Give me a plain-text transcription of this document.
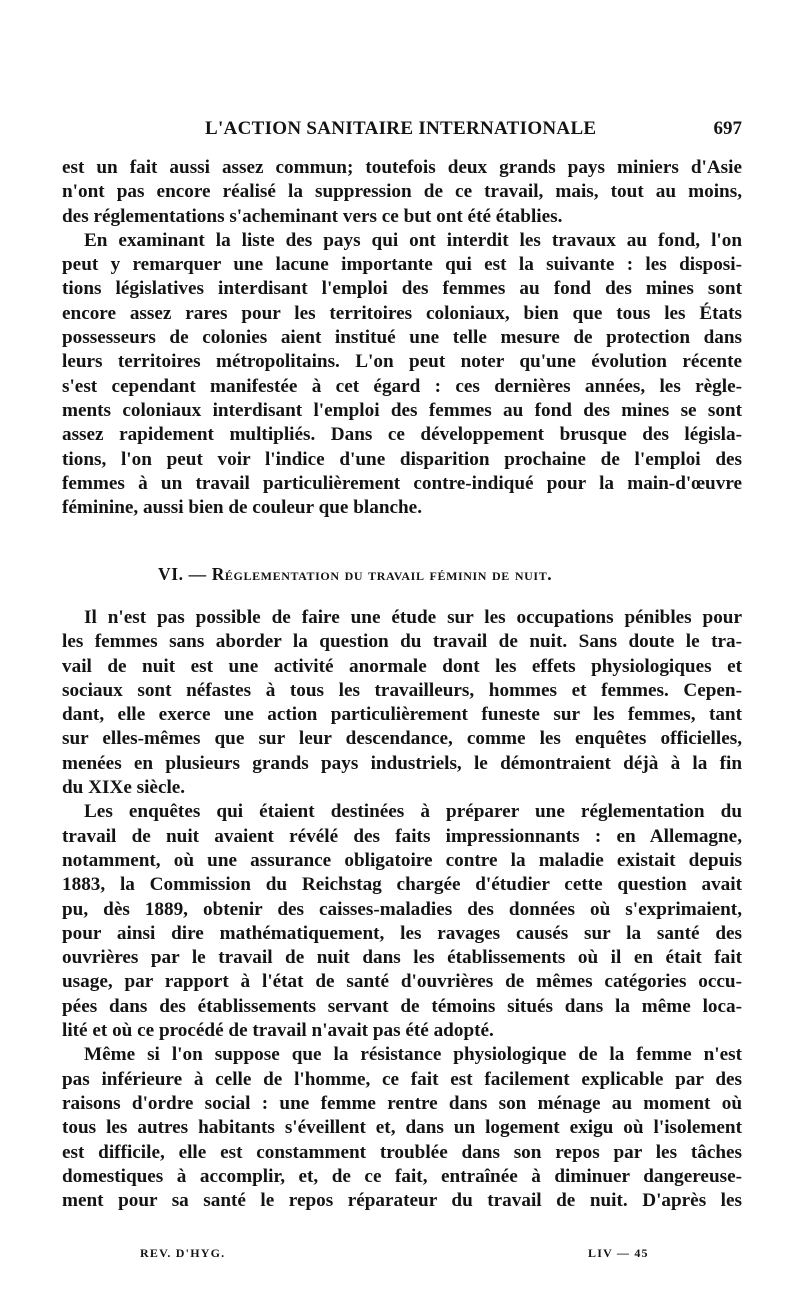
L'ACTION SANITAIRE INTERNATIONALE	697

est un fait aussi assez commun; toutefois deux grands pays miniers d'Asie

n'ont pas encore réalisé la suppression de ce travail, mais, tout au moins,

des réglementations s'acheminant vers ce but ont été établies.

En examinant la liste des pays qui ont interdit les travaux au fond, l'on

peut y remarquer une lacune importante qui est la suivante : les disposi-

tions législatives interdisant l'emploi des femmes au fond des mines sont

encore assez rares pour les territoires coloniaux, bien que tous les États

possesseurs de colonies aient institué une telle mesure de protection dans

leurs territoires métropolitains. L'on peut noter qu'une évolution récente

s'est cependant manifestée à cet égard : ces dernières années, les règle-

ments coloniaux interdisant l'emploi des femmes au fond des mines se sont

assez rapidement multipliés. Dans ce développement brusque des législa-

tions, l'on peut voir l'indice d'une disparition prochaine de l'emploi des

femmes à un travail particulièrement contre-indiqué pour la main-d'œuvre

féminine, aussi bien de couleur que blanche.

VI. — Réglementation du travail féminin de nuit.

Il n'est pas possible de faire une étude sur les occupations pénibles pour

les femmes sans aborder la question du travail de nuit. Sans doute le tra-

vail de nuit est une activité anormale dont les effets physiologiques et

sociaux sont néfastes à tous les travailleurs, hommes et femmes. Cepen-

dant, elle exerce une action particulièrement funeste sur les femmes, tant

sur elles-mêmes que sur leur descendance, comme les enquêtes officielles,

menées en plusieurs grands pays industriels, le démontraient déjà à la fin

du XIXe siècle.

Les enquêtes qui étaient destinées à préparer une réglementation du

travail de nuit avaient révélé des faits impressionnants : en Allemagne,

notamment, où une assurance obligatoire contre la maladie existait depuis

1883, la Commission du Reichstag chargée d'étudier cette question avait

pu, dès 1889, obtenir des caisses-maladies des données où s'exprimaient,

pour ainsi dire mathématiquement, les ravages causés sur la santé des

ouvrières par le travail de nuit dans les établissements où il en était fait

usage, par rapport à l'état de santé d'ouvrières de mêmes catégories occu-

pées dans des établissements servant de témoins situés dans la même loca-

lité et où ce procédé de travail n'avait pas été adopté.

Même si l'on suppose que la résistance physiologique de la femme n'est

pas inférieure à celle de l'homme, ce fait est facilement explicable par des

raisons d'ordre social : une femme rentre dans son ménage au moment où

tous les autres habitants s'éveillent et, dans un logement exigu où l'isolement

est difficile, elle est constamment troublée dans son repos par les tâches

domestiques à accomplir, et, de ce fait, entraînée à diminuer dangereuse-

ment pour sa santé le repos réparateur du travail de nuit. D'après les

REV. D'HYG.	LIV — 45
